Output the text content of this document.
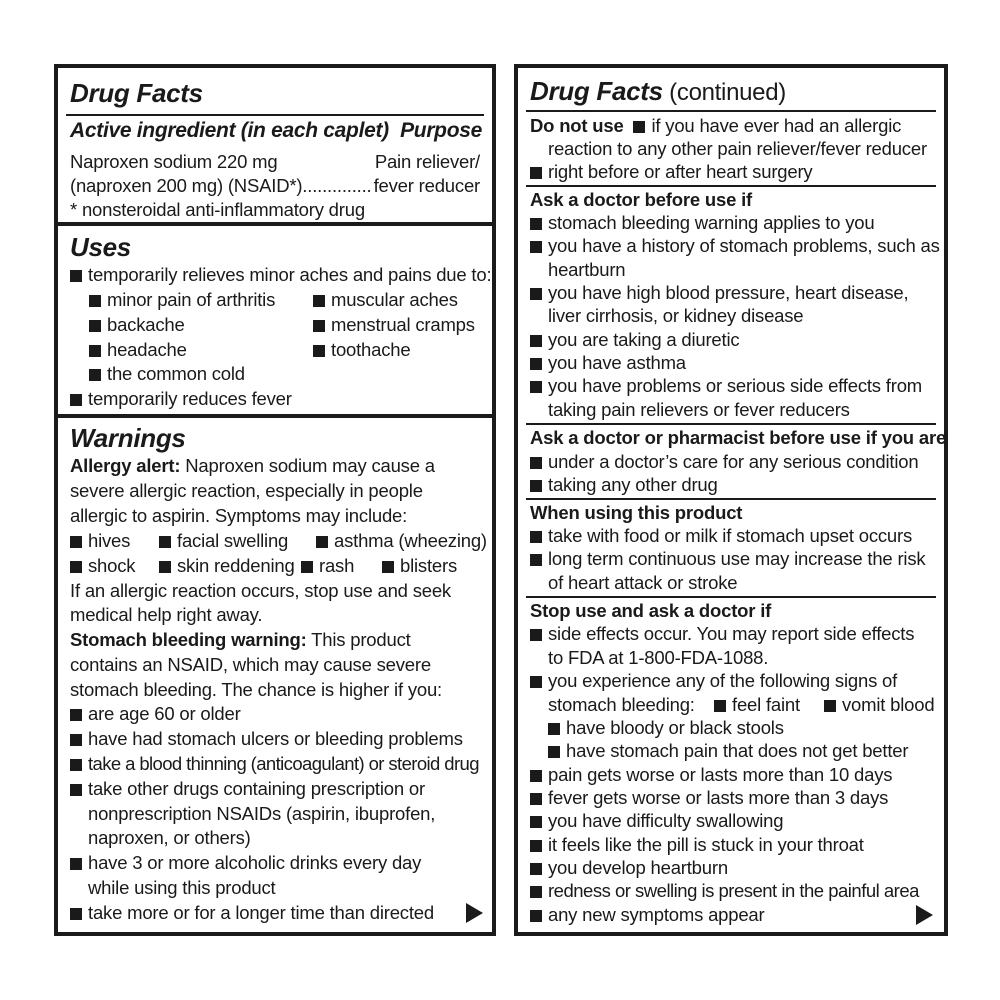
Drug Facts
Active ingredient (in each caplet) Purpose
Naproxen sodium 220 mg	Pain reliever/
(naproxen 200 mg) (NSAID*).............. fever reducer
* nonsteroidal anti-inflammatory drug
Uses
temporarily relieves minor aches and pains due to:
minor pain of arthritis	muscular aches
backache	menstrual cramps
headache	toothache
the common cold
temporarily reduces fever
Warnings
Allergy alert: Naproxen sodium may cause a
severe allergic reaction, especially in people
allergic to aspirin. Symptoms may include:
hives	facial swelling	asthma (wheezing)
shock	skin reddening	rash	blisters
If an allergic reaction occurs, stop use and seek
medical help right away.
Stomach bleeding warning: This product
contains an NSAID, which may cause severe
stomach bleeding. The chance is higher if you:
are age 60 or older
have had stomach ulcers or bleeding problems
take a blood thinning (anticoagulant) or steroid drug
take other drugs containing prescription or
nonprescription NSAIDs (aspirin, ibuprofen,
naproxen, or others)
have 3 or more alcoholic drinks every day
while using this product
take more or for a longer time than directed
Drug Facts (continued)
Do not use if you have ever had an allergic
reaction to any other pain reliever/fever reducer
right before or after heart surgery
Ask a doctor before use if
stomach bleeding warning applies to you
you have a history of stomach problems, such as
heartburn
you have high blood pressure, heart disease,
liver cirrhosis, or kidney disease
you are taking a diuretic
you have asthma
you have problems or serious side effects from
taking pain relievers or fever reducers
Ask a doctor or pharmacist before use if you are
under a doctor’s care for any serious condition
taking any other drug
When using this product
take with food or milk if stomach upset occurs
long term continuous use may increase the risk
of heart attack or stroke
Stop use and ask a doctor if
side effects occur. You may report side effects
to FDA at 1-800-FDA-1088.
you experience any of the following signs of
stomach bleeding:	feel faint	vomit blood
have bloody or black stools
have stomach pain that does not get better
pain gets worse or lasts more than 10 days
fever gets worse or lasts more than 3 days
you have difficulty swallowing
it feels like the pill is stuck in your throat
you develop heartburn
redness or swelling is present in the painful area
any new symptoms appear
